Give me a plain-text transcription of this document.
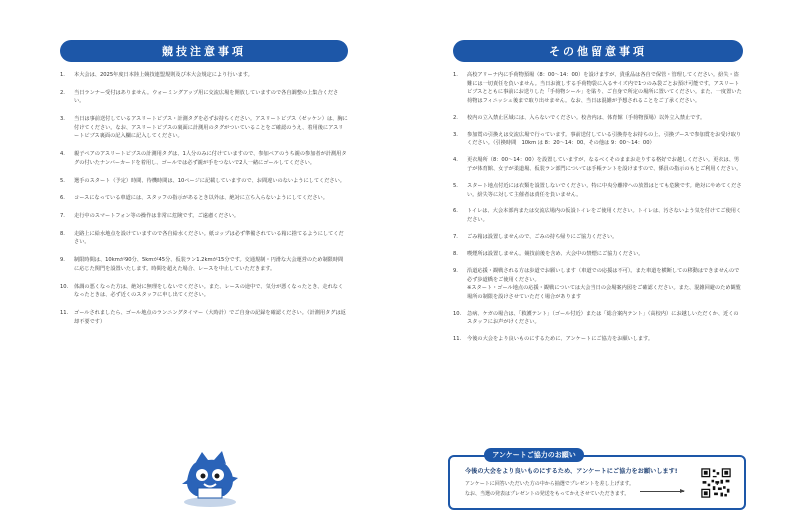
競技注意事項
1. 本大会は、2025年度日本陸上競技連盟規則及び本大会規定により行います。
2. 当日ランナー受付はありません。ウォーミングアップ用に交流広場を開放していますので各自調整の上集合ください。
3. 当日は事前送付しているアスリートビブス・計測タグを必ずお持ちください。アスリートビブス（ゼッケン）は、胸に付けてください。なお、アスリートビブスの裏面に計測用のタグがついていることをご確認のうえ、着用後にアスリートビブス裏面の記入欄に記入してください。
4. 親子ペアのアスリートビブスの計測用タグは、1人分のみに付けていますので、参加ペアのうち親の参加者が計測用タグの付いたナンバーカードを着用し、ゴールでは必ず親が手をつないで2人一緒にゴールしてください。
5. 選手のスタート（予定）時間、待機時間は、10ページに記載していますので、お間違いのないようにしてください。
6. コースになっている車道には、スタッフの指示があるとき以外は、絶対に立ち入らないようにしてください。
7. 走行中のスマートフォン等の操作は非常に危険です。ご遠慮ください。
8. 走路上に給水地点を設けていますので各自給水ください。紙コップは必ず準備されている箱に捨てるようにしてください。
9. 制限時間は、10kmが90分、5kmが45分、仮装ラン1.2kmが15分です。交通規制・円滑な大会運営のため制限時間に応じた関門を設置いたします。時間を超えた場合、レースを中止していただきます。
10. 体調の悪くなった方は、絶対に無理をしないでください。また、レースの途中で、気分が悪くなったとき、走れなくなったときは、必ず近くのスタッフに申し出てください。
11. ゴールされましたら、ゴール地点のランニングタイマー（大時計）でご自身の記録を確認ください。（計測用タグは返却不要です）
その他留意事項
1. 高校アリーナ内に手荷物預場（8：00〜14：00）を設けますが、貴重品は各自で保管・管理してください。紛失・盗難には一切責任を負いません。当日お渡しする手荷物袋に入るサイズ内で1つのみ袋ごとお預け可能です。アスリートビブスとともに事前にお送りした「手荷物シール」を貼り、ご自身で所定の場所に置いてください。また、一度置いた荷物はフィニッシュ後まで取り出せません。なお、当日は混雑が予想されることをご了承ください。
2. 校内の立入禁止区域には、入らないでください。校舎内は、体育館（手荷物預場）以外立入禁止です。
3. 参加賞の引換えは交流広場で行っています。事前送付している引換券をお持ちの上、引換ブースで参加賞をお受け取りください。（引換時間　10km は 8：20〜14：00、その他は 9：00〜14：00）
4. 更衣場所（8：00〜14：00）を設置していますが、なるべくそのままお走りする格好でお越しください。更衣は、男子が体育館、女子が柔道場、仮装ラン部門については手帳テントを設けますので、係員の指示のもとご利用ください。
5. スタート地点付近には衣類を設置しないでください。特に中央分離帯への放置はとても危険です。絶対にやめてください。紛失等に対して主催者は責任を負いません。
6. トイレは、大会本部内または交流広場内の仮設トイレをご使用ください。トイレは、汚さないよう気を付けてご使用ください。
7. ごみ箱は設置しませんので、ごみの持ち帰りにご協力ください。
8. 喫煙所は設置しません。競技前後を含め、大会中の禁煙にご協力ください。
9. 沿道応援・観戦される方は歩道でお願いします（車道での応援は不可）。また車道を横断しての移動はできませんので必ず歩道橋をご使用ください。
※スタート・ゴール地点の応援・観戦については大会当日の会場案内図をご確認ください。また、混雑回避のため観覧場所の制限を設けさせていただく場合があります
10. 急病、ケガの場合は、「救護テント」（ゴール付近）または「総合案内テント」（高校内）にお越しいただくか、近くのスタッフにお声がけください。
11. 今後の大会をより良いものにするために、アンケートにご協力をお願いします。
アンケートご協力のお願い
今後の大会をより良いものにするため、アンケートにご協力をお願いします!
アンケートに回答いただいた方の中から抽選でプレゼントを差し上げます。
なお、当選の発表はプレゼントの発送をもってかえさせていただきます。
